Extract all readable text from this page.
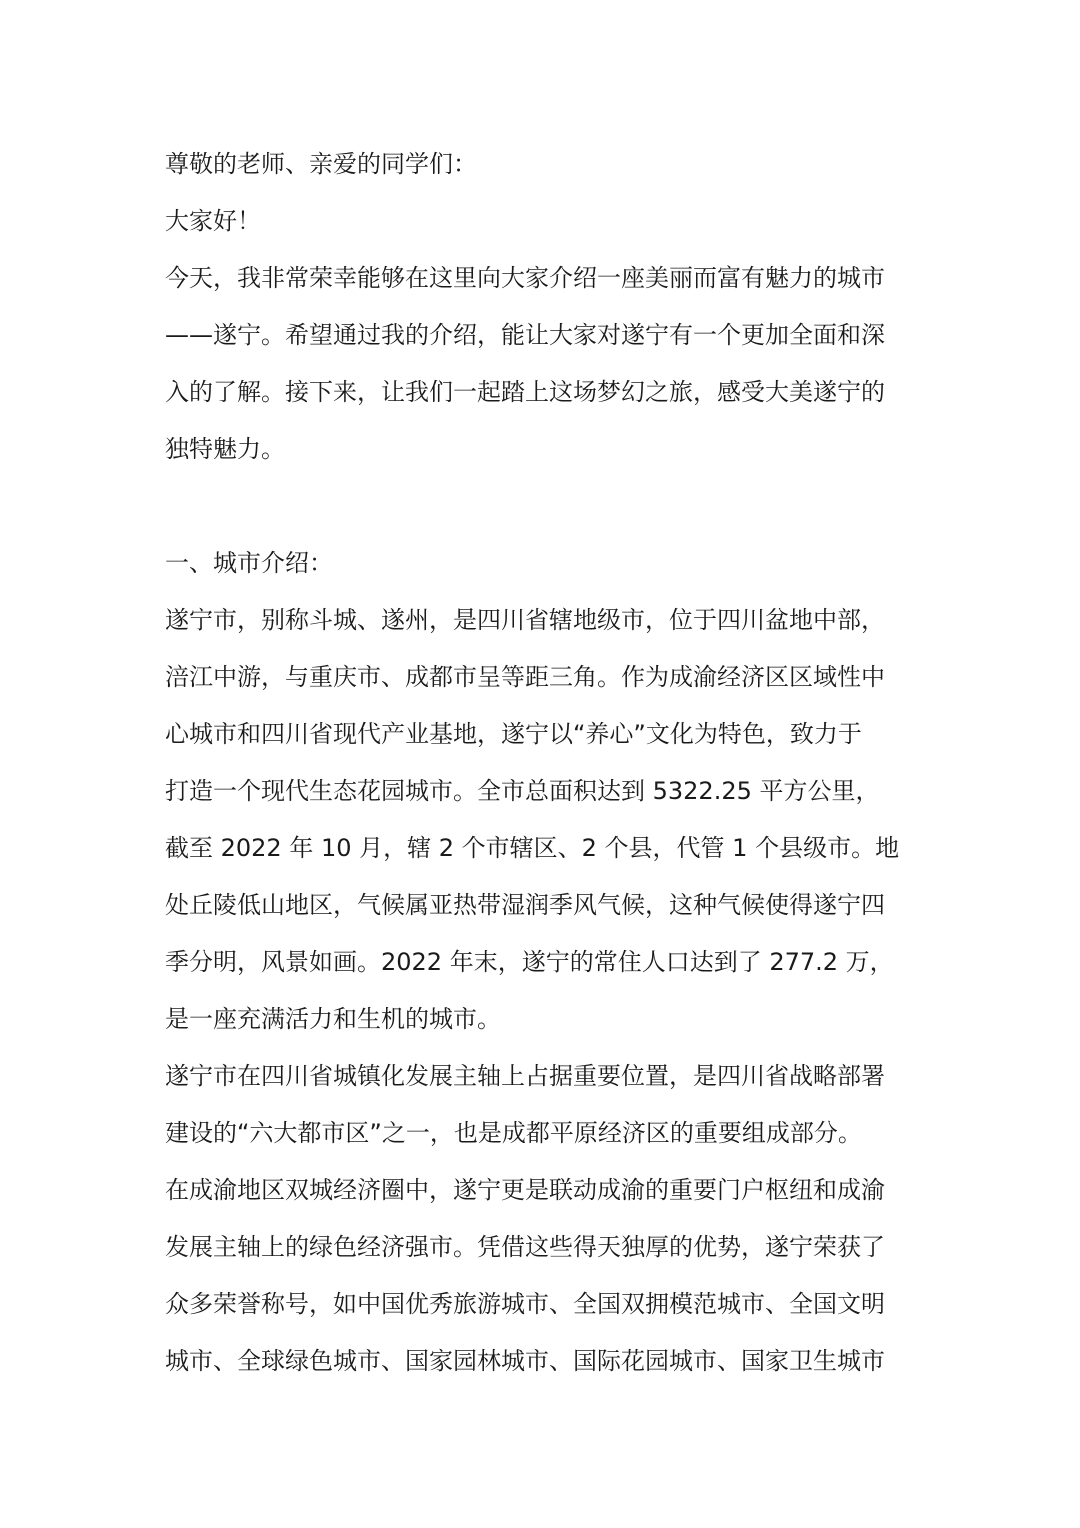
尊敬的老师、亲爱的同学们：

大家好！

今天，我非常荣幸能够在这里向大家介绍一座美丽而富有魅力的城市

——遂宁。希望通过我的介绍，能让大家对遂宁有一个更加全面和深

入的了解。接下来，让我们一起踏上这场梦幻之旅，感受大美遂宁的

独特魅力。

一、城市介绍：

遂宁市，别称斗城、遂州，是四川省辖地级市，位于四川盆地中部，

涪江中游，与重庆市、成都市呈等距三角。作为成渝经济区区域性中

心城市和四川省现代产业基地，遂宁以“养心”文化为特色，致力于

打造一个现代生态花园城市。全市总面积达到 5322.25 平方公里，

截至 2022 年 10 月，辖 2 个市辖区、2 个县，代管 1 个县级市。地

处丘陵低山地区，气候属亚热带湿润季风气候，这种气候使得遂宁四

季分明，风景如画。2022 年末，遂宁的常住人口达到了 277.2 万，

是一座充满活力和生机的城市。

遂宁市在四川省城镇化发展主轴上占据重要位置，是四川省战略部署

建设的“六大都市区”之一，也是成都平原经济区的重要组成部分。

在成渝地区双城经济圈中，遂宁更是联动成渝的重要门户枢纽和成渝

发展主轴上的绿色经济强市。凭借这些得天独厚的优势，遂宁荣获了

众多荣誉称号，如中国优秀旅游城市、全国双拥模范城市、全国文明

城市、全球绿色城市、国家园林城市、国际花园城市、国家卫生城市
